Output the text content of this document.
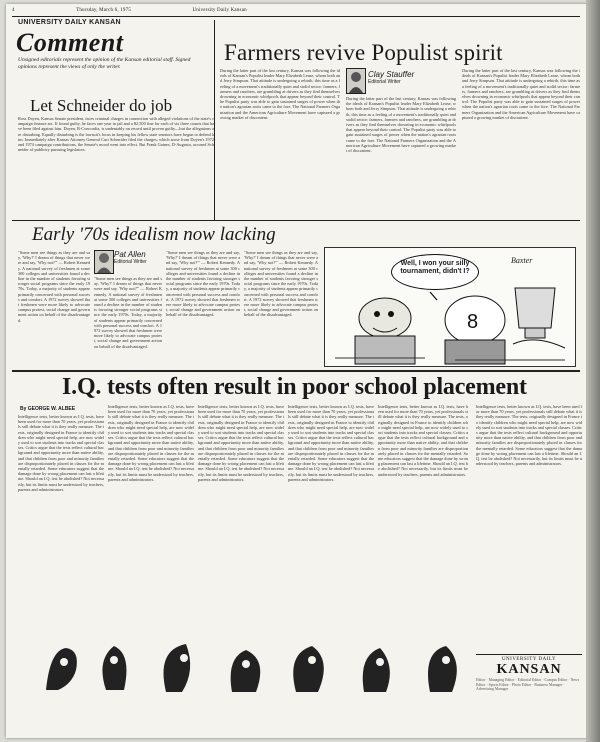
4	Thursday, March 6, 1975	University Daily Kansan
UNIVERSITY DAILY KANSAN
Comment
Unsigned editorials represent the opinion of the Kansan editorial staff. Signed opinions represent the views of only the writer.
Let Schneider do job
Ross Doyen, Kansas Senate president, faces criminal charges in connection with alleged violations of the state's campaign finance act. If found guilty, he faces one year in jail and a $2,500 fine for each of six three counts that have been filed against him. Doyen, R-Concordia, is undeniably on record until proven guilty—but the allegations are disturbing. Equally disturbing is the lawsuit's focus in keeping his fellow state senators have begun to defend him. Immediately after Kansas Attorney General Curt Schneider filed the charges, which arose from Doyen's 1972 and 1974 campaign contributions, the Senate's mood went into effect. But Frank Gaines, D-Augusta, accused Schneider of publicity pursuing legislators.
Farmers revive Populist spirit
Clay Stauffer
Editorial Writer
During the latter part of the last century, Kansas was following the ideals of Kansan's Populist leader Mary Elizabeth Lease, whom both and Jerry Simpson. That attitude is undergoing a rebirth, this time as a feeling of a movement's traditionally quiet and stolid sector: farmers, farmers and ranchers, are grumbling at drivers as they find themselves drowning in economic whirlpools that appear beyond their control. The Populist party was able to gain sustained surges of power when the nation's agrarian roots came to the fore. The National Farmers Organization and the American Agriculture Movement have captured a growing market of discontent.
During the latter part of the last century, Kansas was following the ideals of Kansan's Populist leader Mary Elizabeth Lease, whom both and Jerry Simpson. That attitude is undergoing a rebirth, this time as a feeling of a movement's traditionally quiet and stolid sector: farmers, farmers and ranchers, are grumbling at drivers as they find themselves drowning in economic whirlpools that appear beyond their control. The Populist party was able to gain sustained surges of power when the nation's agrarian roots came to the fore. The National Farmers Organization and the American Agriculture Movement have captured a growing market of discontent.
During the latter part of the last century, Kansas was following the ideals of Kansan's Populist leader Mary Elizabeth Lease, whom both and Jerry Simpson. That attitude is undergoing a rebirth, this time as a feeling of a movement's traditionally quiet and stolid sector: farmers, farmers and ranchers, are grumbling at drivers as they find themselves drowning in economic whirlpools that appear beyond their control. The Populist party was able to gain sustained surges of power when the nation's agrarian roots came to the fore. The National Farmers Organization and the American Agriculture Movement have captured a growing market of discontent.
Early '70s idealism now lacking
Pat Allen
Editorial Writer
"Some men see things as they are and say, 'Why?' I dream of things that never were and say, 'Why not?'" — Robert Kennedy. A national survey of freshmen at some 300 colleges and universities found a decline in the number of students favoring stronger social programs since the early 1970s. Today, a majority of students appear primarily concerned with personal success and comfort. A 1972 survey showed that freshmen were more likely to advocate campus protest, social change and government action on behalf of the disadvantaged.
"Some men see things as they are and say, 'Why?' I dream of things that never were and say, 'Why not?'" — Robert Kennedy. A national survey of freshmen at some 300 colleges and universities found a decline in the number of students favoring stronger social programs since the early 1970s. Today, a majority of students appear primarily concerned with personal success and comfort. A 1972 survey showed that freshmen were more likely to advocate campus protest, social change and government action on behalf of the disadvantaged.
"Some men see things as they are and say, 'Why?' I dream of things that never were and say, 'Why not?'" — Robert Kennedy. A national survey of freshmen at some 300 colleges and universities found a decline in the number of students favoring stronger social programs since the early 1970s. Today, a majority of students appear primarily concerned with personal success and comfort. A 1972 survey showed that freshmen were more likely to advocate campus protest, social change and government action on behalf of the disadvantaged.
"Some men see things as they are and say, 'Why?' I dream of things that never were and say, 'Why not?'" — Robert Kennedy. A national survey of freshmen at some 300 colleges and universities found a decline in the number of students favoring stronger social programs since the early 1970s. Today, a majority of students appear primarily concerned with personal success and comfort. A 1972 survey showed that freshmen were more likely to advocate campus protest, social change and government action on behalf of the disadvantaged.
Well, I won your silly tournament, didn't I?
Baxter
8
I.Q. tests often result in poor school placement
By GEORGE W. ALBEE
Intelligence tests, better known as I.Q. tests, have been used for more than 70 years, yet professionals still debate what it is they really measure. The tests, originally designed in France to identify children who might need special help, are now widely used to sort students into tracks and special classes. Critics argue that the tests reflect cultural background and opportunity more than native ability, and that children from poor and minority families are disproportionately placed in classes for the mentally retarded. Some educators suggest that the damage done by wrong placement can last a lifetime. Should an I.Q. test be abolished? Not necessarily, but its limits must be understood by teachers, parents and administrators.
Intelligence tests, better known as I.Q. tests, have been used for more than 70 years, yet professionals still debate what it is they really measure. The tests, originally designed in France to identify children who might need special help, are now widely used to sort students into tracks and special classes. Critics argue that the tests reflect cultural background and opportunity more than native ability, and that children from poor and minority families are disproportionately placed in classes for the mentally retarded. Some educators suggest that the damage done by wrong placement can last a lifetime. Should an I.Q. test be abolished? Not necessarily, but its limits must be understood by teachers, parents and administrators.
Intelligence tests, better known as I.Q. tests, have been used for more than 70 years, yet professionals still debate what it is they really measure. The tests, originally designed in France to identify children who might need special help, are now widely used to sort students into tracks and special classes. Critics argue that the tests reflect cultural background and opportunity more than native ability, and that children from poor and minority families are disproportionately placed in classes for the mentally retarded. Some educators suggest that the damage done by wrong placement can last a lifetime. Should an I.Q. test be abolished? Not necessarily, but its limits must be understood by teachers, parents and administrators.
Intelligence tests, better known as I.Q. tests, have been used for more than 70 years, yet professionals still debate what it is they really measure. The tests, originally designed in France to identify children who might need special help, are now widely used to sort students into tracks and special classes. Critics argue that the tests reflect cultural background and opportunity more than native ability, and that children from poor and minority families are disproportionately placed in classes for the mentally retarded. Some educators suggest that the damage done by wrong placement can last a lifetime. Should an I.Q. test be abolished? Not necessarily, but its limits must be understood by teachers, parents and administrators.
Intelligence tests, better known as I.Q. tests, have been used for more than 70 years, yet professionals still debate what it is they really measure. The tests, originally designed in France to identify children who might need special help, are now widely used to sort students into tracks and special classes. Critics argue that the tests reflect cultural background and opportunity more than native ability, and that children from poor and minority families are disproportionately placed in classes for the mentally retarded. Some educators suggest that the damage done by wrong placement can last a lifetime. Should an I.Q. test be abolished? Not necessarily, but its limits must be understood by teachers, parents and administrators.
Intelligence tests, better known as I.Q. tests, have been used for more than 70 years, yet professionals still debate what it is they really measure. The tests, originally designed in France to identify children who might need special help, are now widely used to sort students into tracks and special classes. Critics argue that the tests reflect cultural background and opportunity more than native ability, and that children from poor and minority families are disproportionately placed in classes for the mentally retarded. Some educators suggest that the damage done by wrong placement can last a lifetime. Should an I.Q. test be abolished? Not necessarily, but its limits must be understood by teachers, parents and administrators.
UNIVERSITY DAILY
KANSAN
Editor · Managing Editor · Editorial Editor · Campus Editor · News Editor · Sports Editor · Photo Editor · Business Manager · Advertising Manager
